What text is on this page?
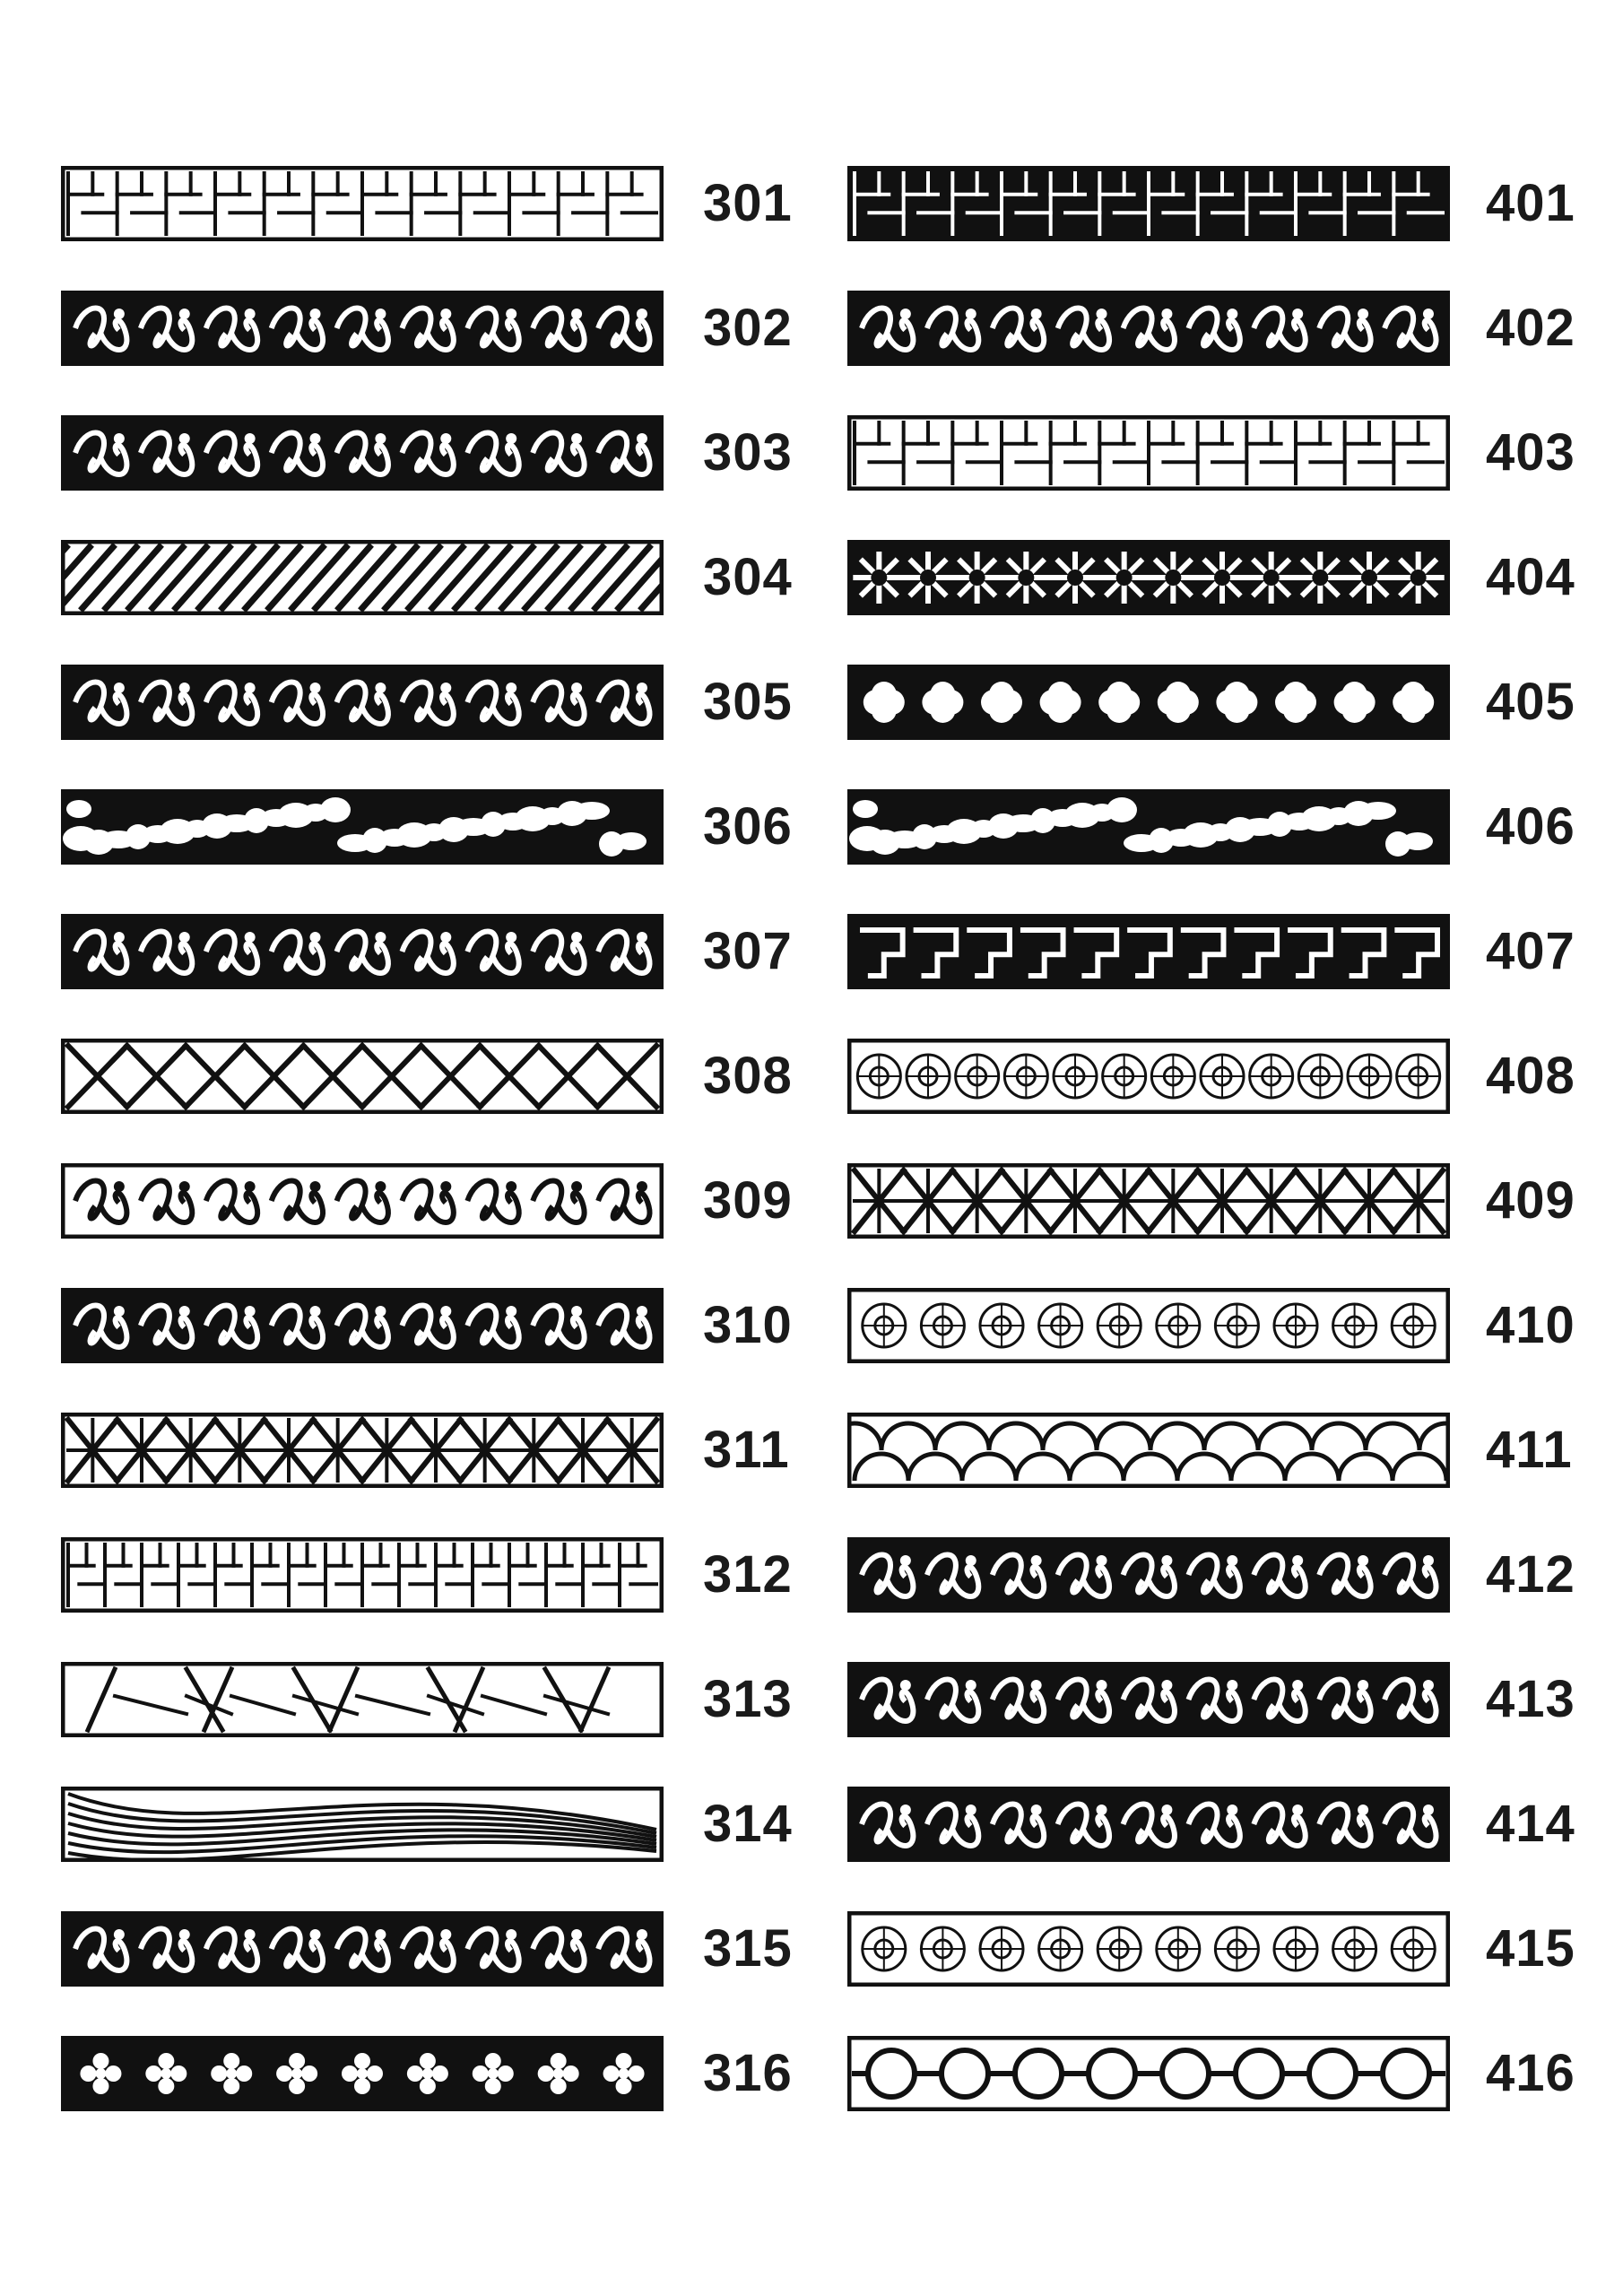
301
302
303
304
305
306
307
308
309
310
311
312
313
314
315
316
401
402
403
404
405
406
407
408
409
410
411
412
413
414
415
416
